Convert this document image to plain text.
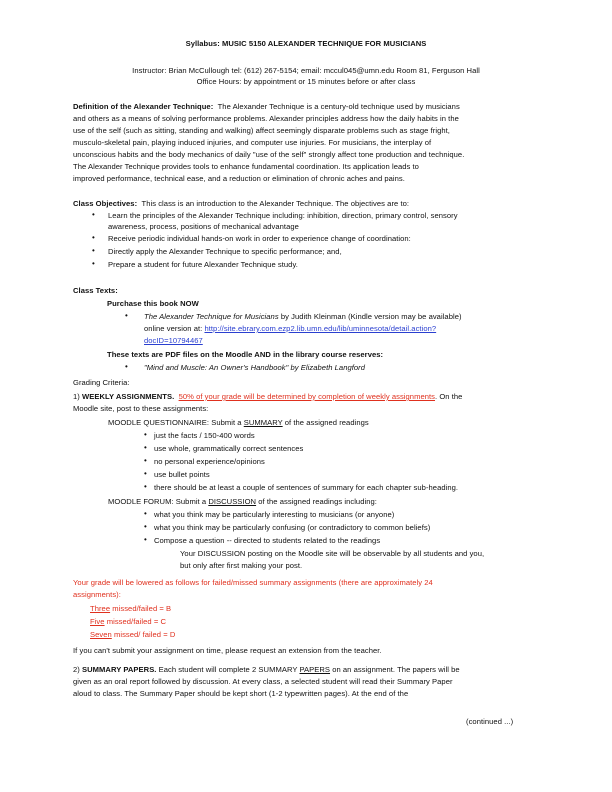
Syllabus: MUSIC 5150 ALEXANDER TECHNIQUE FOR MUSICIANS
Instructor: Brian McCullough tel: (612) 267-5154; email: mccul045@umn.edu Room 81, Ferguson Hall
Office Hours: by appointment or 15 minutes before or after class
Definition of the Alexander Technique: The Alexander Technique is a century-old technique used by musicians
and others as a means of solving performance problems. Alexander principles address how the daily habits in the
use of the self (such as sitting, standing and walking) affect seemingly disparate problems such as stage fright,
musculo-skeletal pain, playing induced injuries, and computer use injuries. For musicians, the interplay of
unconscious habits and the body mechanics of daily "use of the self" strongly affect tone production and technique.
The Alexander Technique provides tools to enhance fundamental coordination. Its application leads to
improved performance, technical ease, and a reduction or elimination of chronic aches and pains.
Class Objectives: This class is an introduction to the Alexander Technique. The objectives are to:
• Learn the principles of the Alexander Technique including: inhibition, direction, primary control, sensory
awareness, process, positions of mechanical advantage
• Receive periodic individual hands-on work in order to experience change of coordination:
• Directly apply the Alexander Technique to specific performance; and,
• Prepare a student for future Alexander Technique study.
Class Texts:
Purchase this book NOW
• The Alexander Technique for Musicians by Judith Kleinman (Kindle version may be available)
online version at: http://site.ebrary.com.ezp2.lib.umn.edu/lib/uminnesota/detail.action?
docID=10794467
These texts are PDF files on the Moodle AND in the library course reserves:
• "Mind and Muscle: An Owner's Handbook" by Elizabeth Langford
Grading Criteria:
1) WEEKLY ASSIGNMENTS. 50% of your grade will be determined by completion of weekly assignments. On the
Moodle site, post to these assignments:
MOODLE QUESTIONNAIRE: Submit a SUMMARY of the assigned readings
• just the facts / 150-400 words
• use whole, grammatically correct sentences
• no personal experience/opinions
• use bullet points
• there should be at least a couple of sentences of summary for each chapter sub-heading.
MOODLE FORUM: Submit a DISCUSSION of the assigned readings including:
• what you think may be particularly interesting to musicians (or anyone)
• what you think may be particularly confusing (or contradictory to common beliefs)
• Compose a question -- directed to students related to the readings
Your DISCUSSION posting on the Moodle site will be observable by all students and you,
but only after first making your post.
Your grade will be lowered as follows for failed/missed summary assignments (there are approximately 24
assignments):
Three missed/failed = B
Five missed/failed = C
Seven missed/ failed = D
If you can't submit your assignment on time, please request an extension from the teacher.
2) SUMMARY PAPERS. Each student will complete 2 SUMMARY PAPERS on an assignment. The papers will be
given as an oral report followed by discussion. At every class, a selected student will read their Summary Paper
aloud to class. The Summary Paper should be kept short (1-2 typewritten pages). At the end of the
(continued ...)
